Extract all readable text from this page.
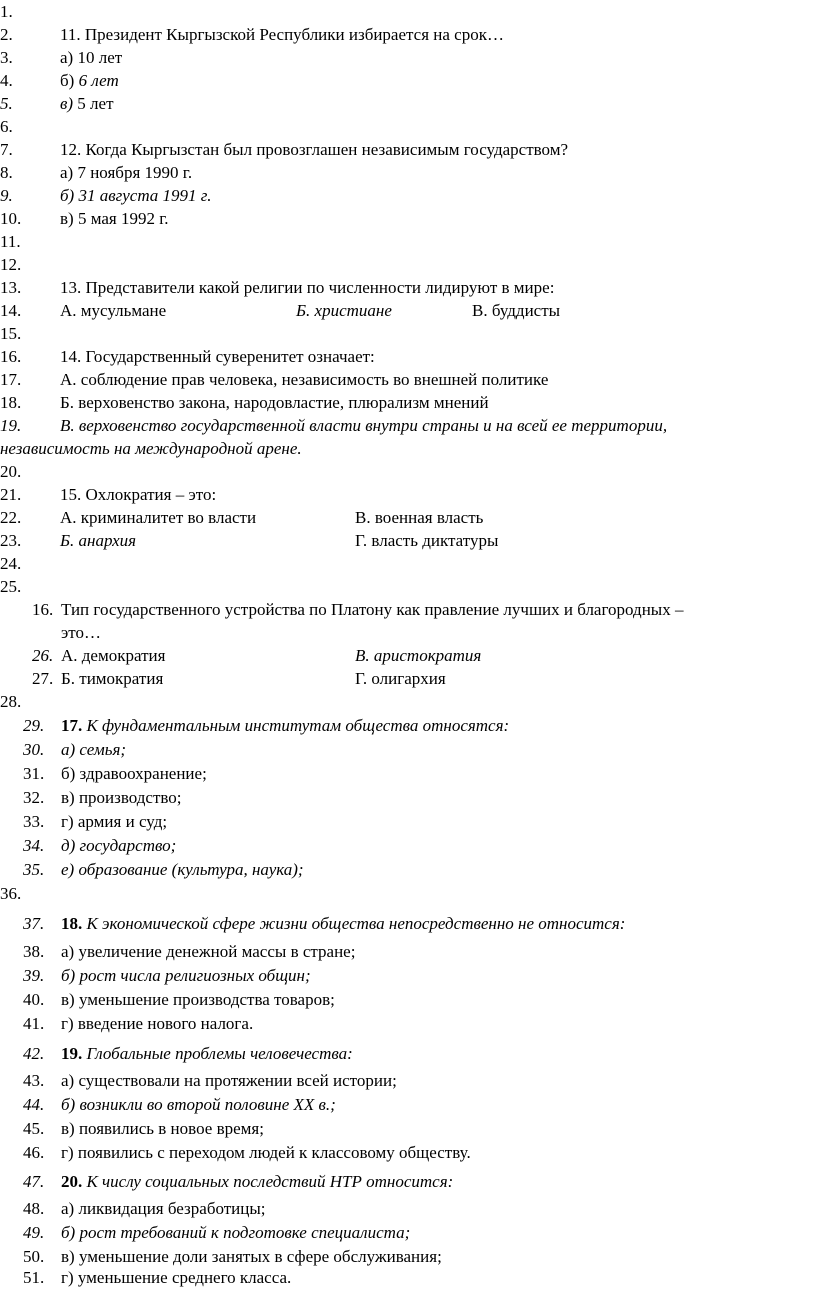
1.
2.	11. Президент Кыргызской Республики избирается на срок…
3.	а) 10 лет
4.	б) 6 лет
5.	в) 5 лет
6.
7.	12. Когда Кыргызстан был провозглашен независимым государством?
8.	а) 7 ноября 1990 г.
9.	б) 31 августа 1991 г.
10. в) 5 мая 1992 г.
11.
12.
13. 13. Представители какой религии по численности лидируют в мире:
14. А. мусульмане	Б. христиане	В. буддисты
15.
16. 14. Государственный суверенитет означает:
17. А. соблюдение прав человека, независимость во внешней политике
18. Б. верховенство закона, народовластие, плюрализм мнений
19. В. верховенство государственной власти внутри страны и на всей ее территории,
независимость на международной арене.
20.
21. 15. Охлократия – это:
22. А. криминалитет во власти	В. военная власть
23. Б. анархия	Г. власть диктатуры
24.
25.
16. Тип государственного устройства по Платону как правление лучших и благородных –
это…
26. А. демократия	В. аристократия
27. Б. тимократия	Г. олигархия
28.
29. 17. К фундаментальным институтам общества относятся:
30. а) семья;
31. б) здравоохранение;
32. в) производство;
33. г) армия и суд;
34. д) государство;
35. е) образование (культура, наука);
36.
37. 18. К экономической сфере жизни общества непосредственно не относится:
38. а) увеличение денежной массы в стране;
39. б) рост числа религиозных общин;
40. в) уменьшение производства товаров;
41. г) введение нового налога.
42. 19. Глобальные проблемы человечества:
43. а) существовали на протяжении всей истории;
44. б) возникли во второй половине XX в.;
45. в) появились в новое время;
46. г) появились с переходом людей к классовому обществу.
47. 20. К числу социальных последствий НТР относится:
48. а) ликвидация безработицы;
49. б) рост требований к подготовке специалиста;
50. в) уменьшение доли занятых в сфере обслуживания;
51. г) уменьшение среднего класса.
